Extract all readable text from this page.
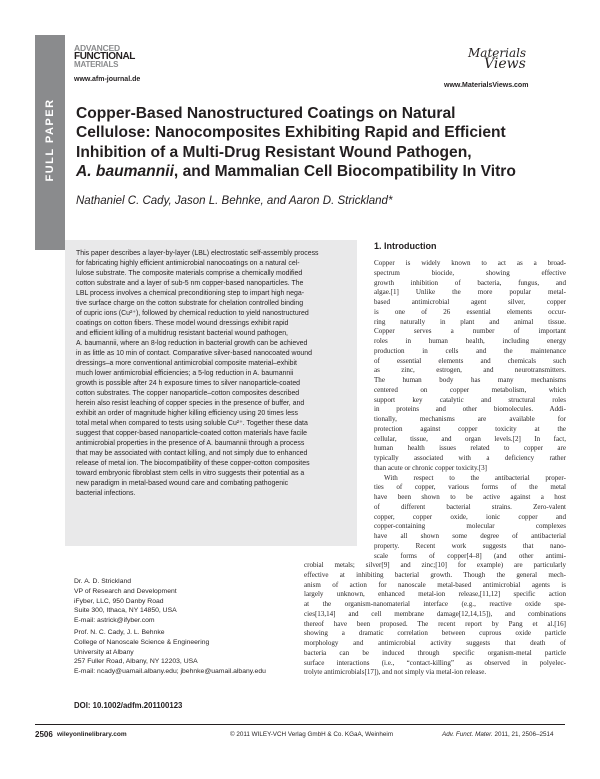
FULL PAPER
ADVANCED
FUNCTIONAL
MATERIALS
www.afm-journal.de
Materials
Views
www.MaterialsViews.com
Copper-Based Nanostructured Coatings on Natural
Cellulose: Nanocomposites Exhibiting Rapid and Efficient
Inhibition of a Multi-Drug Resistant Wound Pathogen,
A. baumannii, and Mammalian Cell Biocompatibility In Vitro
Nathaniel C. Cady, Jason L. Behnke, and Aaron D. Strickland*
This paper describes a layer-by-layer (LBL) electrostatic self-assembly process
for fabricating highly efficient antimicrobial nanocoatings on a natural cel-
lulose substrate. The composite materials comprise a chemically modified
cotton substrate and a layer of sub-5 nm copper-based nanoparticles. The
LBL process involves a chemical preconditioning step to impart high nega-
tive surface charge on the cotton substrate for chelation controlled binding
of cupric ions (Cu²⁺), followed by chemical reduction to yield nanostructured
coatings on cotton fibers. These model wound dressings exhibit rapid
and efficient killing of a multidrug resistant bacterial wound pathogen,
A. baumannii, where an 8-log reduction in bacterial growth can be achieved
in as little as 10 min of contact. Comparative silver-based nanocoated wound
dressings–a more conventional antimicrobial composite material–exhibit
much lower antimicrobial efficiencies; a 5-log reduction in A. baumannii
growth is possible after 24 h exposure times to silver nanoparticle-coated
cotton substrates. The copper nanoparticle–cotton composites described
herein also resist leaching of copper species in the presence of buffer, and
exhibit an order of magnitude higher killing efficiency using 20 times less
total metal when compared to tests using soluble Cu²⁺. Together these data
suggest that copper-based nanoparticle-coated cotton materials have facile
antimicrobial properties in the presence of A. baumannii through a process
that may be associated with contact killing, and not simply due to enhanced
release of metal ion. The biocompatibility of these copper-cotton composites
toward embryonic fibroblast stem cells in vitro suggests their potential as a
new paradigm in metal-based wound care and combating pathogenic
bacterial infections.
1. Introduction
Copper is widely known to act as a broad-
spectrum biocide, showing effective
growth inhibition of bacteria, fungus, and
algae.[1] Unlike the more popular metal-
based antimicrobial agent silver, copper
is one of 26 essential elements occur-
ring naturally in plant and animal tissue.
Copper serves a number of important
roles in human health, including energy
production in cells and the maintenance
of essential elements and chemicals such
as zinc, estrogen, and neurotransmitters.
The human body has many mechanisms
centered on copper metabolism, which
support key catalytic and structural roles
in proteins and other biomolecules. Addi-
tionally, mechanisms are available for
protection against copper toxicity at the
cellular, tissue, and organ levels.[2] In fact,
human health issues related to copper are
typically associated with a deficiency rather
than acute or chronic copper toxicity.[3]
With respect to the antibacterial proper-
ties of copper, various forms of the metal
have been shown to be active against a host
of different bacterial strains. Zero-valent
copper, copper oxide, ionic copper and
copper-containing molecular complexes
have all shown some degree of antibacterial
property. Recent work suggests that nano-
scale forms of copper[4–8] (and other antimi-
crobial metals; silver[9] and zinc;[10] for example) are particularly
effective at inhibiting bacterial growth. Though the general mech-
anism of action for nanoscale metal-based antimicrobial agents is
largely unknown, enhanced metal-ion release,[11,12] specific action
at the organism-nanomaterial interface (e.g., reactive oxide spe-
cies[13,14] and cell membrane damage[12,14,15]), and combinations
thereof have been proposed. The recent report by Pang et al.[16]
showing a dramatic correlation between cuprous oxide particle
morphology and antimicrobial activity suggests that death of
bacteria can be induced through specific organism-metal particle
surface interactions (i.e., “contact-killing” as observed in polyelec-
trolyte antimicrobials[17]), and not simply via metal-ion release.
Dr. A. D. Strickland
VP of Research and Development
iFyber, LLC, 950 Danby Road
Suite 300, Ithaca, NY 14850, USA
E-mail: astrick@ifyber.com
Prof. N. C. Cady, J. L. Behnke
College of Nanoscale Science & Engineering
University at Albany
257 Fuller Road, Albany, NY 12203, USA
E-mail: ncady@uamail.albany.edu; jbehnke@uamail.albany.edu
DOI: 10.1002/adfm.201100123
2506 wileyonlinelibrary.com	© 2011 WILEY-VCH Verlag GmbH & Co. KGaA, Weinheim	Adv. Funct. Mater. 2011, 21, 2506–2514
